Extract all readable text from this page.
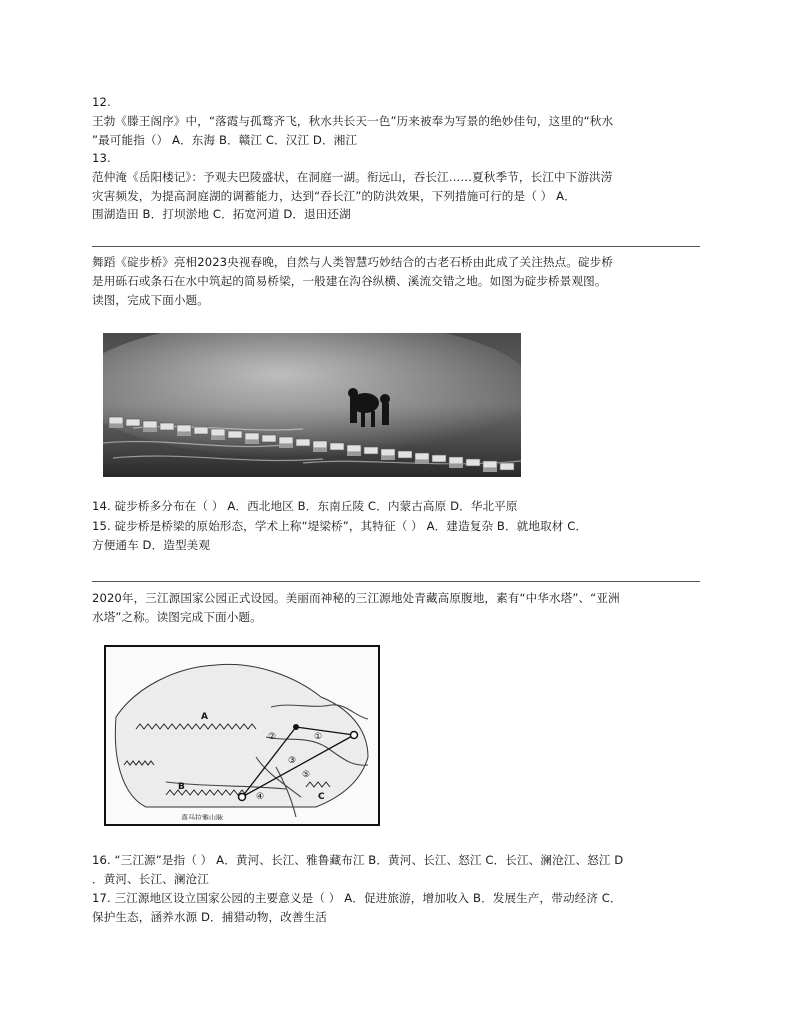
12.
王勃《滕王阁序》中，“落霞与孤鹜齐飞，秋水共长天一色”历来被奉为写景的绝妙佳句，这里的“秋水
”最可能指（） A．东海 B．赣江 C．汉江 D．湘江
13.
范仲淹《岳阳楼记》：予观夫巴陵盛状，在洞庭一湖。衔远山，吞长江……夏秋季节，长江中下游洪涝
灾害频发，为提高洞庭湖的调蓄能力，达到“吞长江”的防洪效果，下列措施可行的是（ ） A．
围湖造田 B．打坝淤地 C．拓宽河道 D．退田还湖
舞蹈《碇步桥》亮相2023央视春晚，自然与人类智慧巧妙结合的古老石桥由此成了关注热点。碇步桥
是用砾石或条石在水中筑起的简易桥梁，一般建在沟谷纵横、溪流交错之地。如图为碇步桥景观图。
读图，完成下面小题。
14. 碇步桥多分布在（ ） A．西北地区 B．东南丘陵 C．内蒙古高原 D．华北平原
15. 碇步桥是桥梁的原始形态，学术上称“堤梁桥”，其特征（ ） A．建造复杂 B．就地取材 C．
方便通车 D．造型美观
2020年，三江源国家公园正式设园。美丽而神秘的三江源地处青藏高原腹地，素有“中华水塔”、“亚洲
水塔”之称。读图完成下面小题。
①
②
③
④
⑤
A
B
C
喜马拉雅山脉
16. “三江源”是指（ ） A．黄河、长江、雅鲁藏布江 B．黄河、长江、怒江 C．长江、澜沧江、怒江 D
．黄河、长江、澜沧江
17. 三江源地区设立国家公园的主要意义是（ ） A．促进旅游，增加收入 B．发展生产，带动经济 C．
保护生态，涵养水源 D．捕猎动物，改善生活
